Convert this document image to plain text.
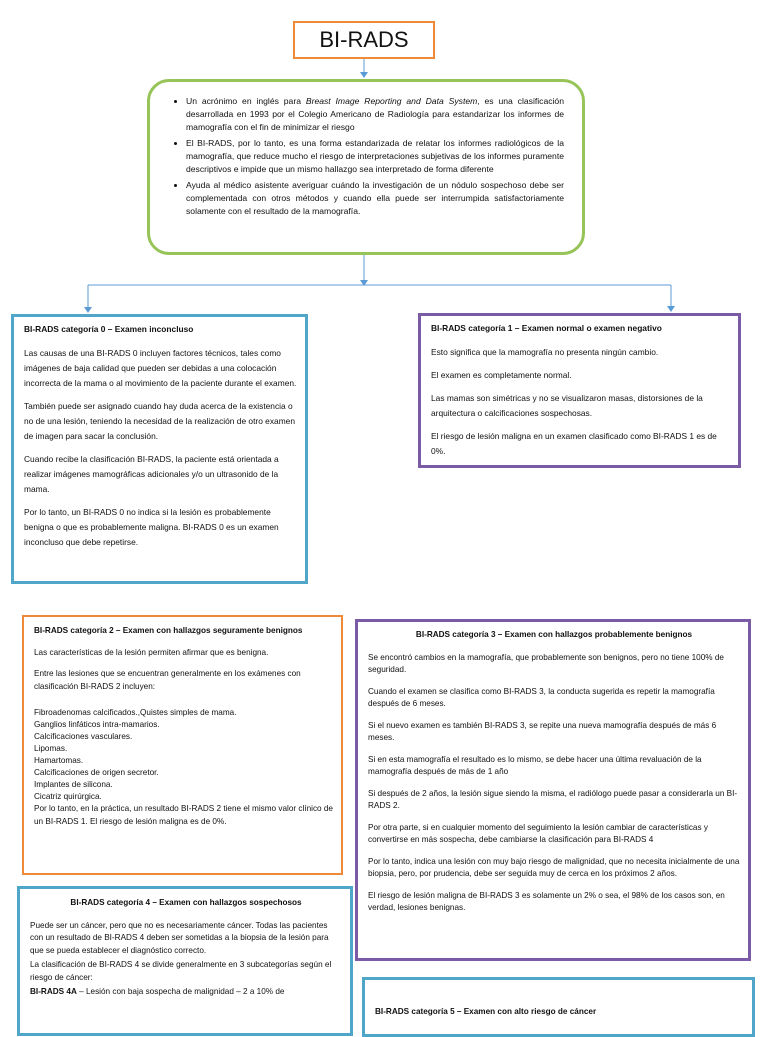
BI-RADS
• Un acrónimo en inglés para Breast Image Reporting and Data System, es una clasificación desarrollada en 1993 por el Colegio Americano de Radiología para estandarizar los informes de mamografía con el fin de minimizar el riesgo
• El BI-RADS, por lo tanto, es una forma estandarizada de relatar los informes radiológicos de la mamografía, que reduce mucho el riesgo de interpretaciones subjetivas de los informes puramente descriptivos e impide que un mismo hallazgo sea interpretado de forma diferente
• Ayuda al médico asistente averiguar cuándo la investigación de un nódulo sospechoso debe ser complementada con otros métodos y cuando ella puede ser interrumpida satisfactoriamente solamente con el resultado de la mamografía.

BI-RADS categoría 0 – Examen inconcluso

Las causas de una BI-RADS 0 incluyen factores técnicos, tales como imágenes de baja calidad que pueden ser debidas a una colocación incorrecta de la mama o al movimiento de la paciente durante el examen.

También puede ser asignado cuando hay duda acerca de la existencia o no de una lesión, teniendo la necesidad de la realización de otro examen de imagen para sacar la conclusión.

Cuando recibe la clasificación BI-RADS, la paciente está orientada a realizar imágenes mamográficas adicionales y/o un ultrasonido de la mama.

Por lo tanto, un BI-RADS 0 no indica si la lesión es probablemente benigna o que es probablemente maligna. BI-RADS 0 es un examen inconcluso que debe repetirse.

BI-RADS categoría 1 – Examen normal o examen negativo

Esto significa que la mamografía no presenta ningún cambio.

El examen es completamente normal.

Las mamas son simétricas y no se visualizaron masas, distorsiones de la arquitectura o calcificaciones sospechosas.

El riesgo de lesión maligna en un examen clasificado como BI-RADS 1 es de 0%.

BI-RADS categoría 2 – Examen con hallazgos seguramente benignos

Las características de la lesión permiten afirmar que es benigna.

Entre las lesiones que se encuentran generalmente en los exámenes con clasificación BI-RADS 2 incluyen:

Fibroadenomas calcificados.,Quistes simples de mama.
Ganglios linfáticos intra-mamarios.
Calcificaciones vasculares.
Lipomas.
Hamartomas.
Calcificaciones de origen secretor.
Implantes de silicona.
Cicatriz quirúrgica.

Por lo tanto, en la práctica, un resultado BI-RADS 2 tiene el mismo valor clínico de un BI-RADS 1. El riesgo de lesión maligna es de 0%.

BI-RADS categoría 3 – Examen con hallazgos probablemente benignos

Se encontró cambios en la mamografía, que probablemente son benignos, pero no tiene 100% de seguridad.

Cuando el examen se clasifica como BI-RADS 3, la conducta sugerida es repetir la mamografía después de 6 meses.

Si el nuevo examen es también BI-RADS 3, se repite una nueva mamografía después de más 6 meses.

Si en esta mamografía el resultado es lo mismo, se debe hacer una última revaluación de la mamografía después de más de 1 año

Si después de 2 años, la lesión sigue siendo la misma, el radiólogo puede pasar a considerarla un BI-RADS 2.

Por otra parte, si en cualquier momento del seguimiento la lesión cambiar de características y convertirse en más sospecha, debe cambiarse la clasificación para BI-RADS 4

Por lo tanto, indica una lesión con muy bajo riesgo de malignidad, que no necesita inicialmente de una biopsia, pero, por prudencia, debe ser seguida muy de cerca en los próximos 2 años.

El riesgo de lesión maligna de BI-RADS 3 es solamente un 2% o sea, el 98% de los casos son, en verdad, lesiones benignas.

BI-RADS categoría 4 – Examen con hallazgos sospechosos

Puede ser un cáncer, pero que no es necesariamente cáncer. Todas las pacientes con un resultado de BI-RADS 4 deben ser sometidas a la biopsia de la lesión para que se pueda establecer el diagnóstico correcto.

La clasificación de BI-RADS 4 se divide generalmente en 3 subcategorías según el riesgo de cáncer:

BI-RADS 4A – Lesión con baja sospecha de malignidad – 2 a 10% de

BI-RADS categoría 5 – Examen con alto riesgo de cáncer
